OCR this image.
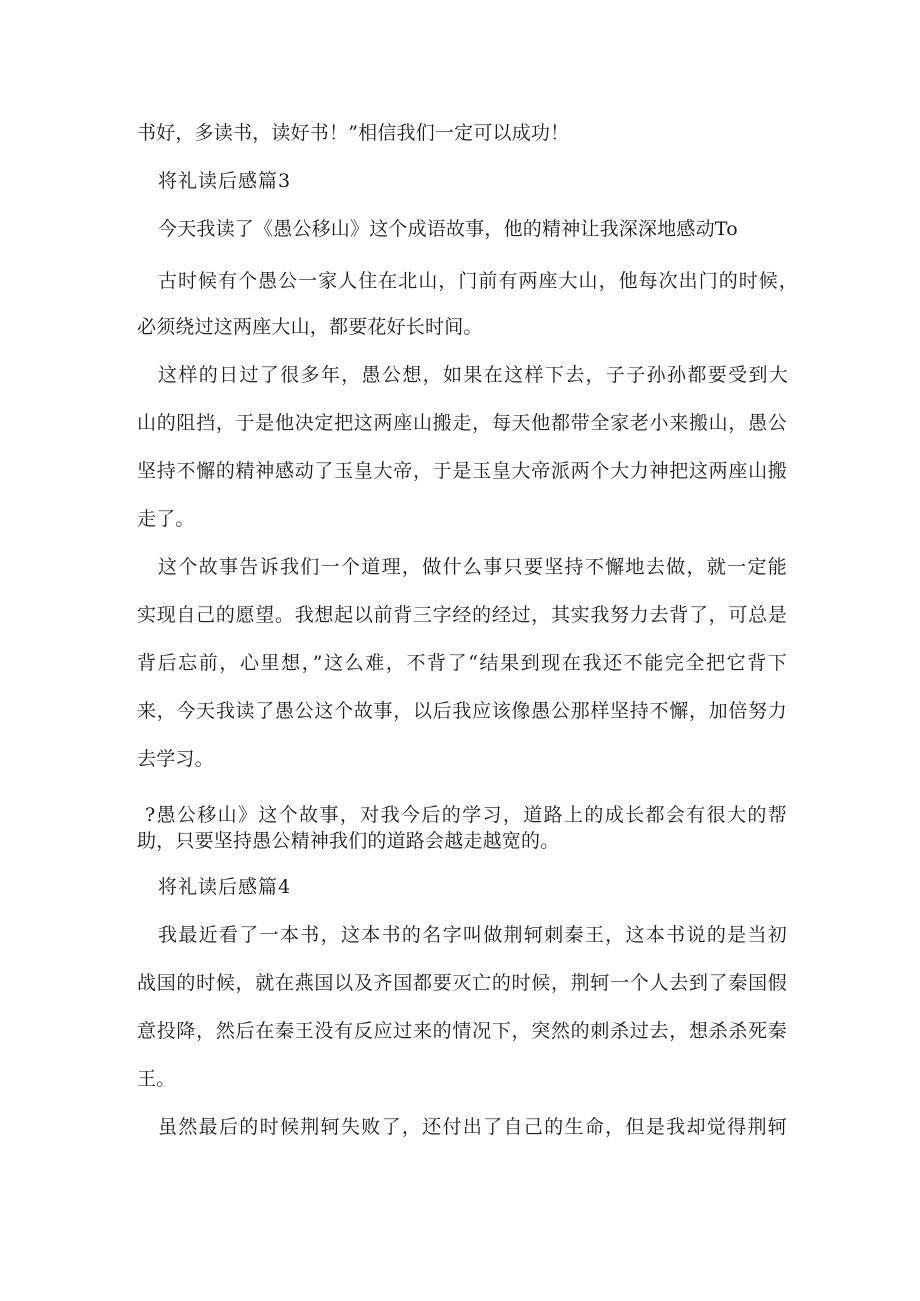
书好，多读书，读好书！”相信我们一定可以成功！
将礼读后感篇3
今天我读了《愚公移山》这个成语故事，他的精神让我深深地感动To
古时候有个愚公一家人住在北山，门前有两座大山，他每次出门的时候，
必须绕过这两座大山，都要花好长时间。
这样的日过了很多年，愚公想，如果在这样下去，子子孙孙都要受到大
山的阻挡，于是他决定把这两座山搬走，每天他都带全家老小来搬山，愚公
坚持不懈的精神感动了玉皇大帝，于是玉皇大帝派两个大力神把这两座山搬
走了。
这个故事告诉我们一个道理，做什么事只要坚持不懈地去做，就一定能
实现自己的愿望。我想起以前背三字经的经过，其实我努力去背了，可总是
背后忘前，心里想，”这么难，不背了“结果到现在我还不能完全把它背下
来，今天我读了愚公这个故事，以后我应该像愚公那样坚持不懈，加倍努力
去学习。
?愚公移山》这个故事，对我今后的学习，道路上的成长都会有很大的帮
助，只要坚持愚公精神我们的道路会越走越宽的。
将礼读后感篇4
我最近看了一本书，这本书的名字叫做荆轲刺秦王，这本书说的是当初
战国的时候，就在燕国以及齐国都要灭亡的时候，荆轲一个人去到了秦国假
意投降，然后在秦王没有反应过来的情况下，突然的刺杀过去，想杀杀死秦
王。
虽然最后的时候荆轲失败了，还付出了自己的生命，但是我却觉得荆轲
